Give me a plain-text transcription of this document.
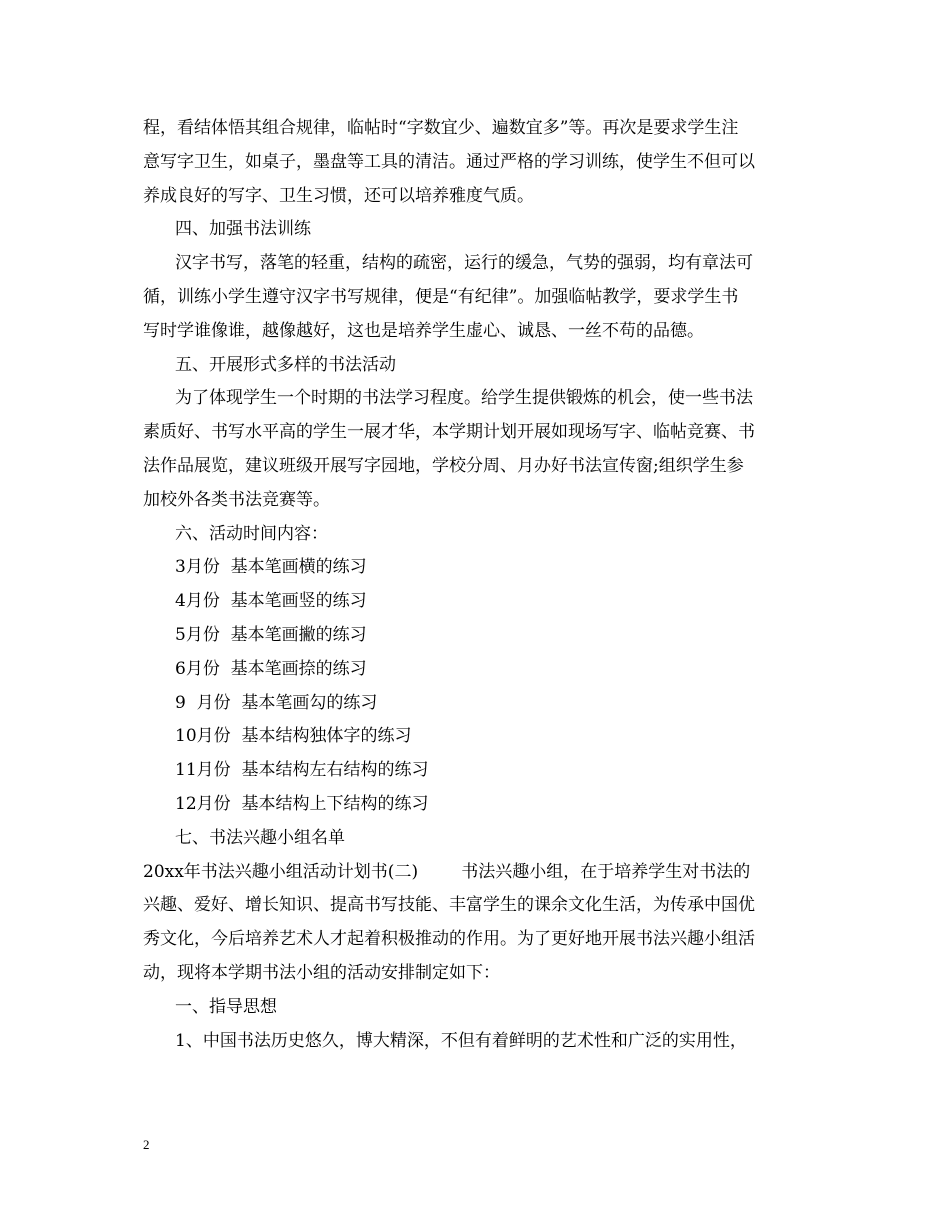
程，看结体悟其组合规律，临帖时“字数宜少、遍数宜多”等。再次是要求学生注
意写字卫生，如桌子，墨盘等工具的清洁。通过严格的学习训练，使学生不但可以
养成良好的写字、卫生习惯，还可以培养雅度气质。
四、加强书法训练
汉字书写，落笔的轻重，结构的疏密，运行的缓急，气势的强弱，均有章法可
循，训练小学生遵守汉字书写规律，便是“有纪律”。加强临帖教学，要求学生书
写时学谁像谁，越像越好，这也是培养学生虚心、诚恳、一丝不苟的品德。
五、开展形式多样的书法活动
为了体现学生一个时期的书法学习程度。给学生提供锻炼的机会，使一些书法
素质好、书写水平高的学生一展才华，本学期计划开展如现场写字、临帖竞赛、书
法作品展览，建议班级开展写字园地，学校分周、月办好书法宣传窗;组织学生参
加校外各类书法竞赛等。
六、活动时间内容：
3月份  基本笔画横的练习
4月份  基本笔画竖的练习
5月份  基本笔画撇的练习
6月份  基本笔画捺的练习
9  月份  基本笔画勾的练习
10月份  基本结构独体字的练习
11月份  基本结构左右结构的练习
12月份  基本结构上下结构的练习
七、书法兴趣小组名单
20xx年书法兴趣小组活动计划书(二)        书法兴趣小组，在于培养学生对书法的
兴趣、爱好、增长知识、提高书写技能、丰富学生的课余文化生活，为传承中国优
秀文化，今后培养艺术人才起着积极推动的作用。为了更好地开展书法兴趣小组活
动，现将本学期书法小组的活动安排制定如下：
一、指导思想
1、中国书法历史悠久，博大精深，不但有着鲜明的艺术性和广泛的实用性，
2
